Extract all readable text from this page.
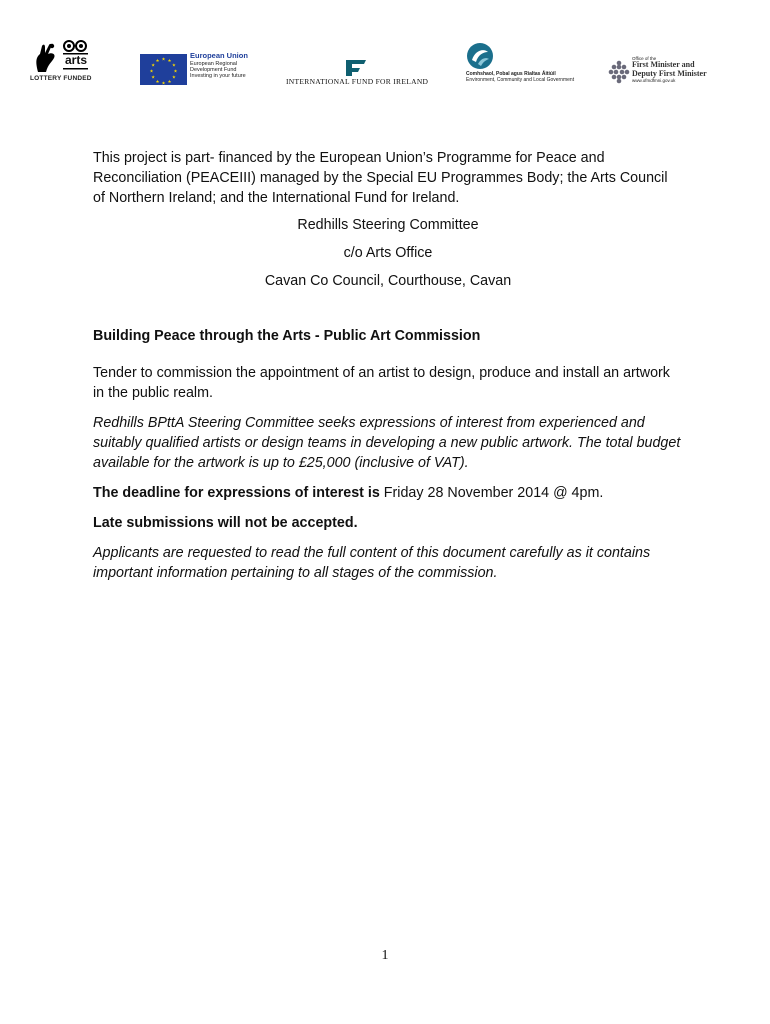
arts
LOTTERY FUNDED
★ ★
★
★
★
★
★
★
★
★
★
★
European Union
European Regional
Development Fund
Investing in your future
INTERNATIONAL FUND FOR IRELAND
Comhshaol, Pobal agus Rialtas Áitiúil
Environment, Community and Local Government
Office of the
First Minister and
Deputy First Minister
www.ofmdfmni.gov.uk

This project is part- financed by the European Union’s Programme for Peace and Reconciliation (PEACEIII) managed by the Special EU Programmes Body; the Arts Council of Northern Ireland; and the International Fund for Ireland.

Redhills Steering Committee

c/o Arts Office

Cavan Co Council, Courthouse, Cavan

Building Peace through the Arts - Public Art Commission

Tender to commission the appointment of an artist to design, produce and install an artwork in the public realm.

Redhills BPttA Steering Committee seeks expressions of interest from experienced and suitably qualified artists or design teams in developing a new public artwork. The total budget available for the artwork is up to £25,000 (inclusive of VAT).

The deadline for expressions of interest is Friday 28 November 2014 @ 4pm.

Late submissions will not be accepted.

Applicants are requested to read the full content of this document carefully as it contains important information pertaining to all stages of the commission.

1
